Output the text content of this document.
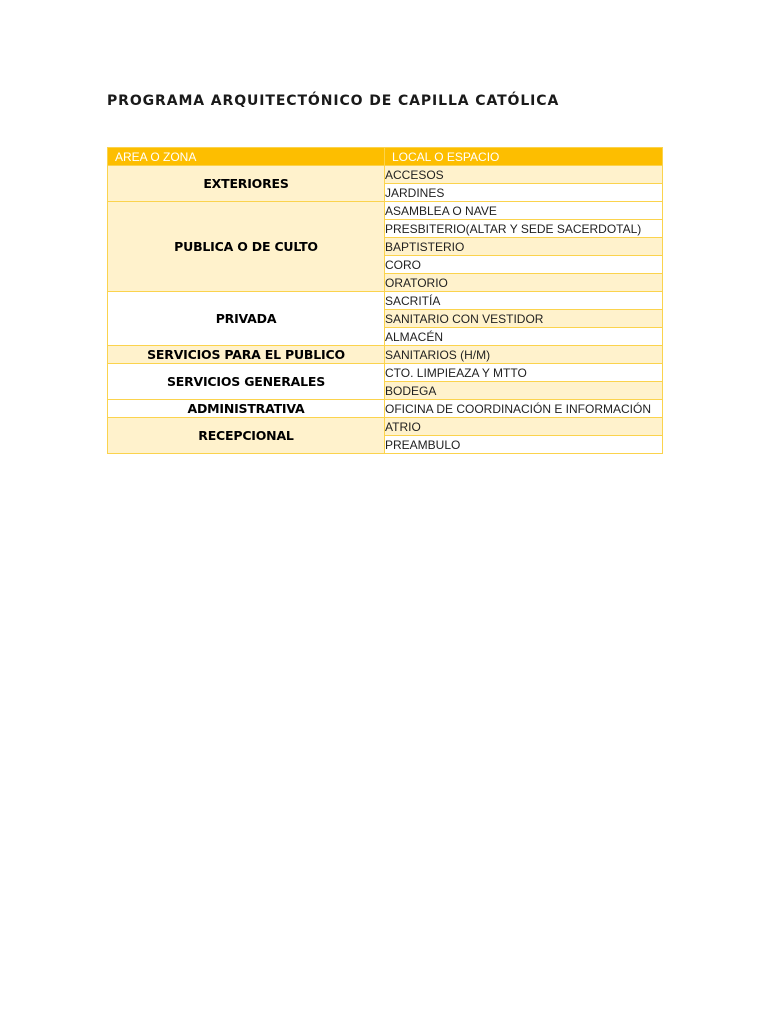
PROGRAMA ARQUITECTÓNICO DE CAPILLA CATÓLICA
AREA O ZONA	LOCAL O ESPACIO
EXTERIORES	ACCESOS
	JARDINES
PUBLICA O DE CULTO	ASAMBLEA O NAVE
	PRESBITERIO(ALTAR Y SEDE SACERDOTAL)
	BAPTISTERIO
	CORO
	ORATORIO
PRIVADA	SACRITÍA
	SANITARIO CON VESTIDOR
	ALMACÉN
SERVICIOS PARA EL PUBLICO	SANITARIOS (H/M)
SERVICIOS GENERALES	CTO. LIMPIEAZA Y MTTO
	BODEGA
ADMINISTRATIVA	OFICINA DE COORDINACIÓN E INFORMACIÓN
RECEPCIONAL	ATRIO
	PREAMBULO
